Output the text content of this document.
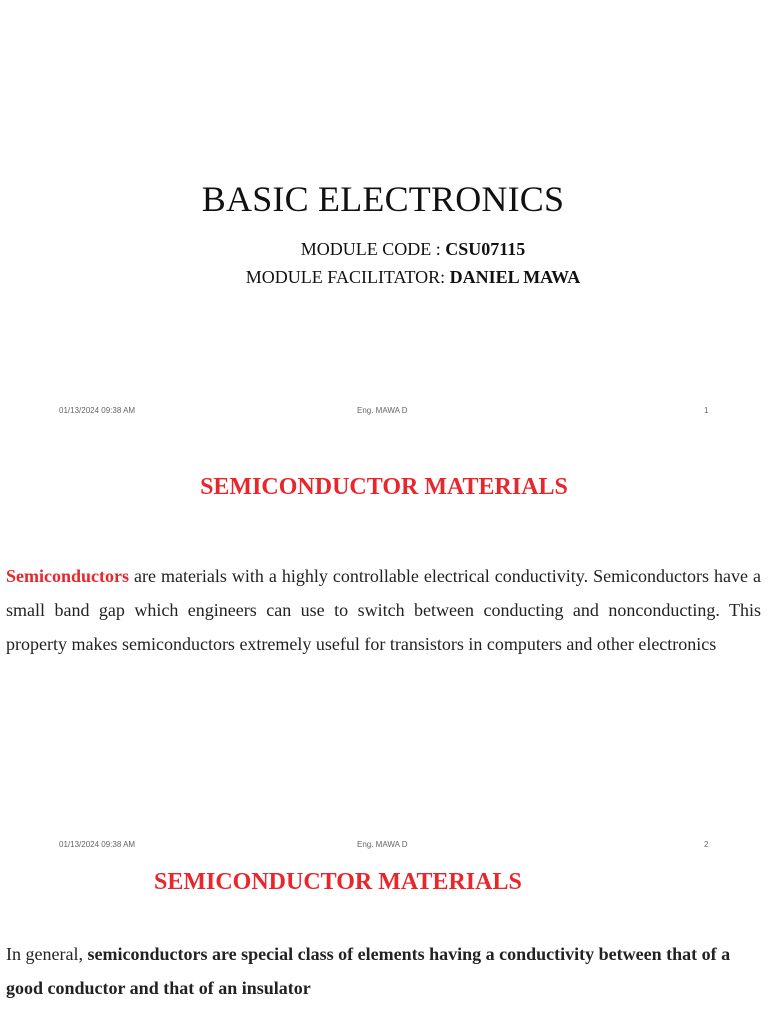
BASIC ELECTRONICS
MODULE CODE : CSU07115
MODULE FACILITATOR: DANIEL MAWA
01/13/2024 09:38 AM	Eng. MAWA D	1
SEMICONDUCTOR MATERIALS
Semiconductors are materials with a highly controllable electrical conductivity. Semiconductors have a small band gap which engineers can use to switch between conducting and nonconducting. This property makes semiconductors extremely useful for transistors in computers and other electronics
01/13/2024 09:38 AM	Eng. MAWA D	2
SEMICONDUCTOR MATERIALS
In general, semiconductors are special class of elements having a conductivity between that of a good conductor and that of an insulator
